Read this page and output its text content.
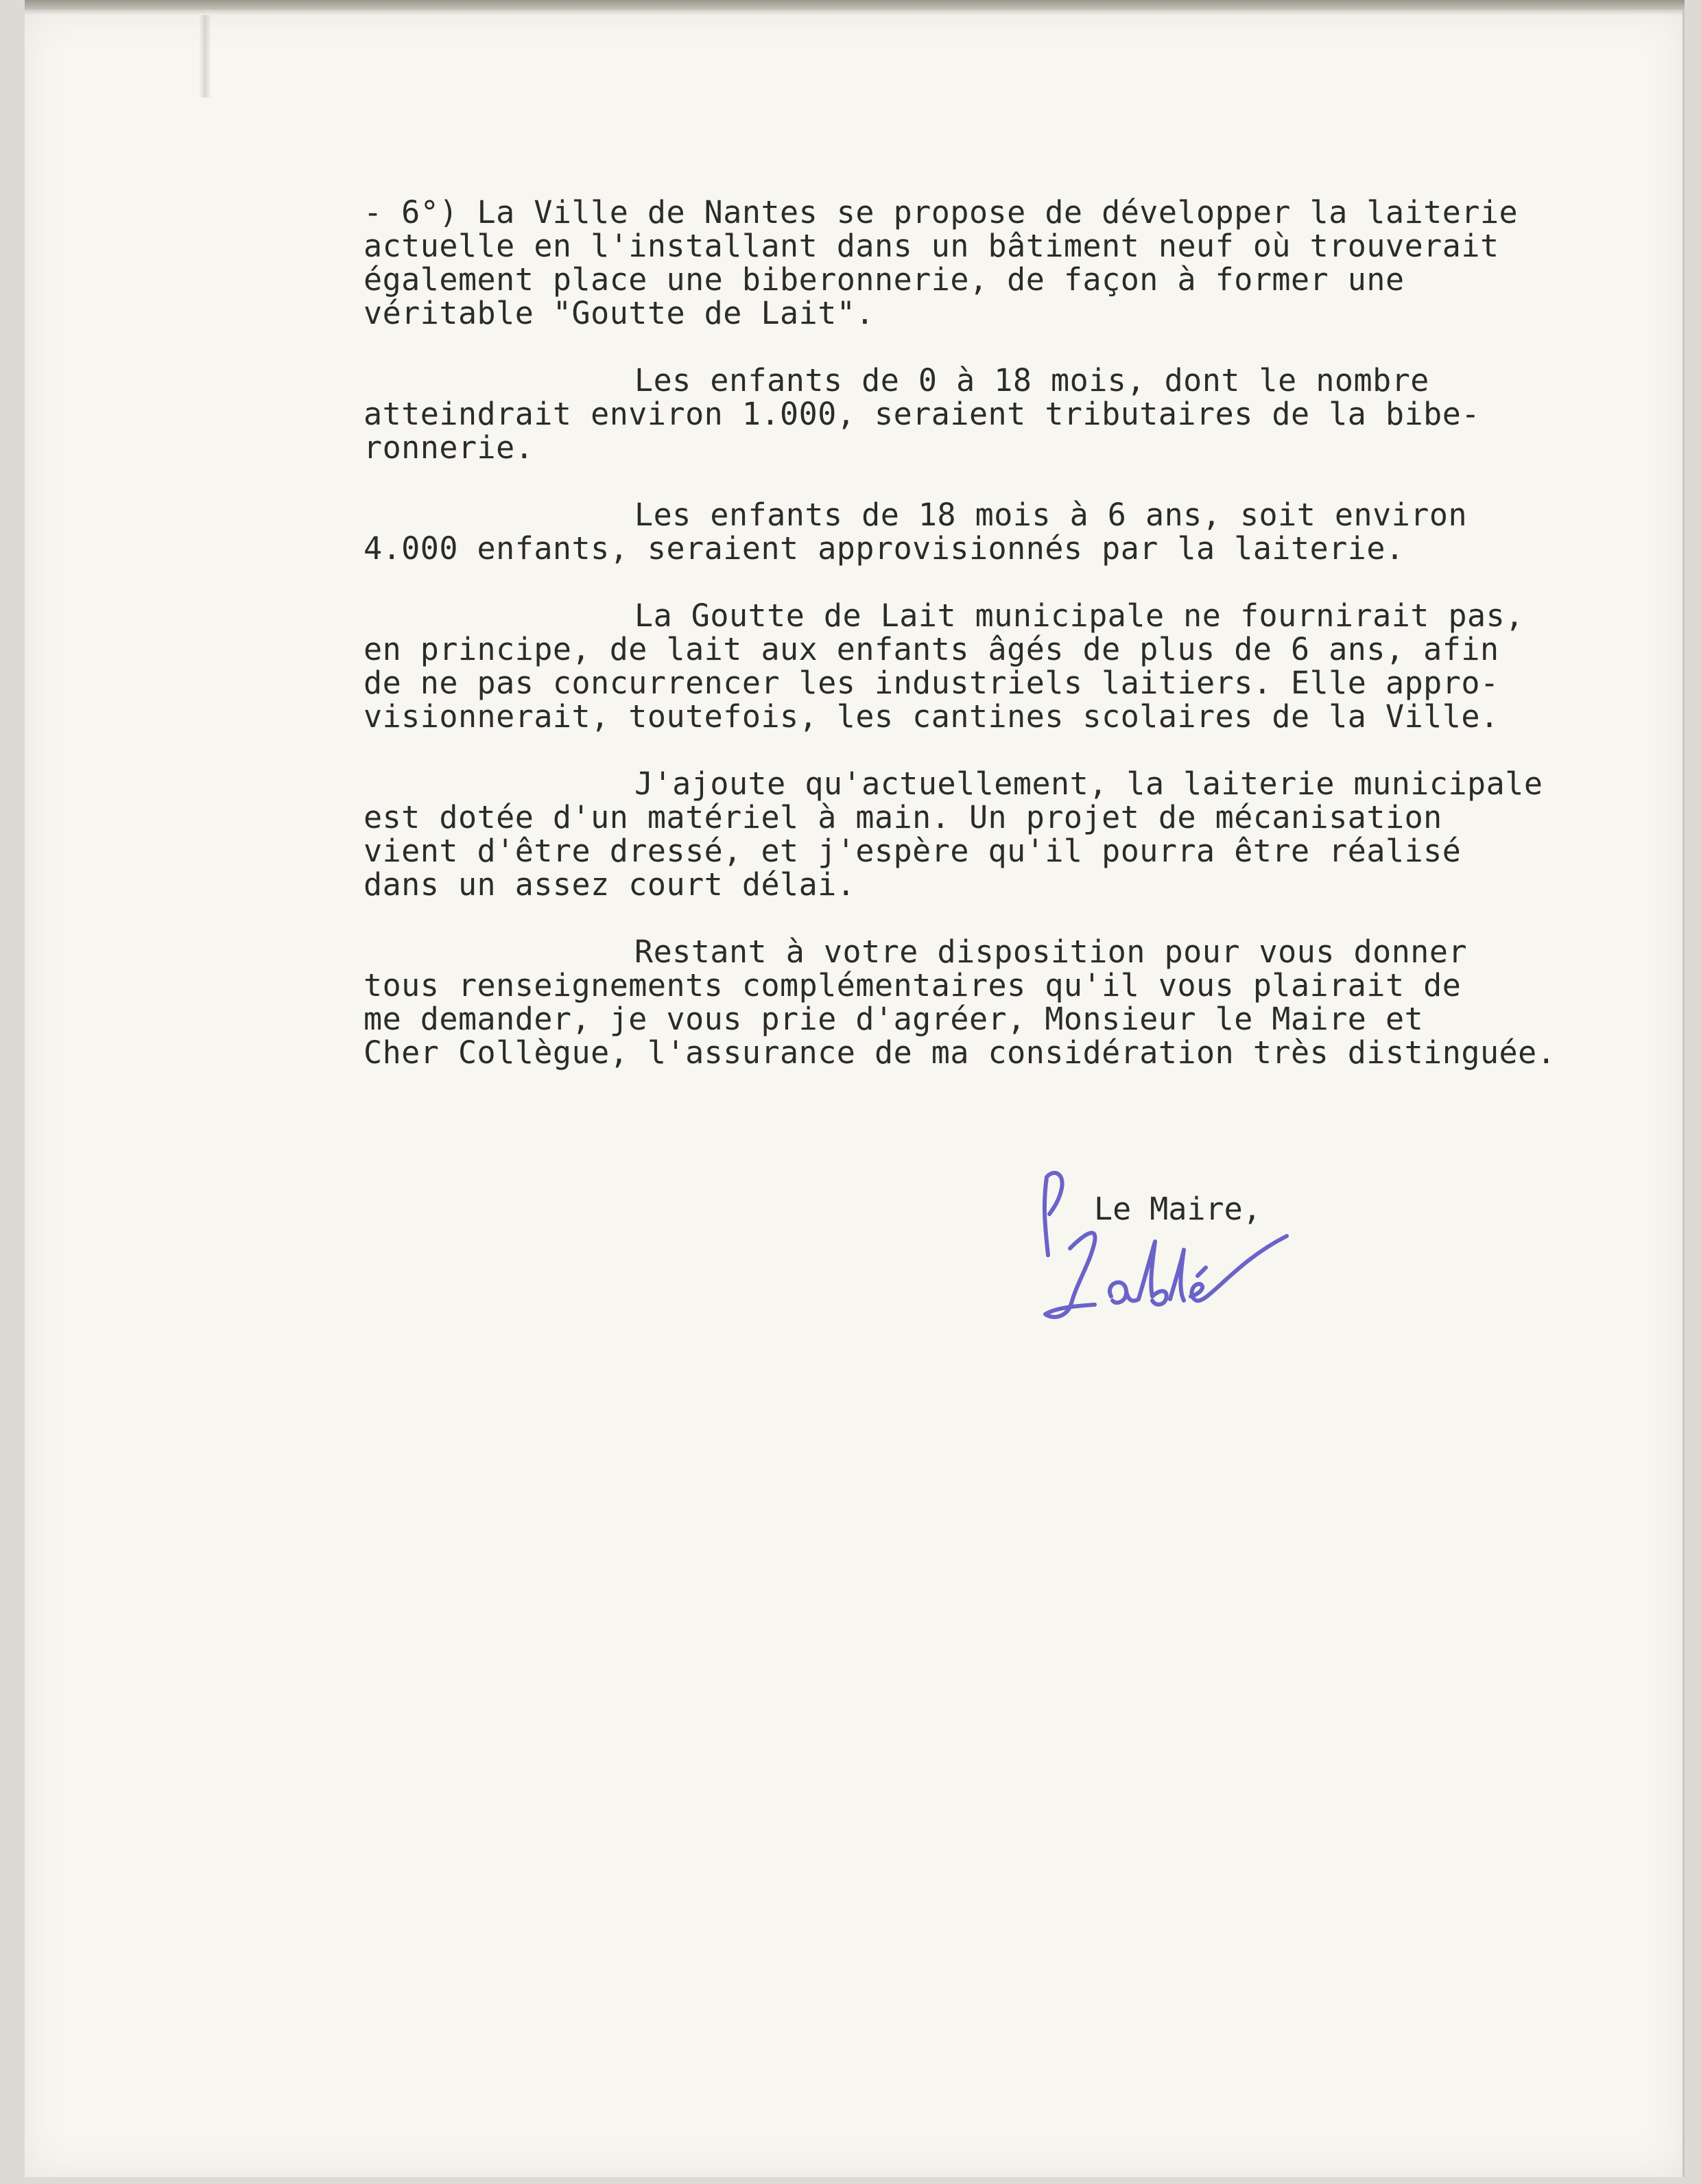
- 6°) La Ville de Nantes se propose de développer la laiterie
actuelle en l'installant dans un bâtiment neuf où trouverait
également place une biberonnerie, de façon à former une
véritable "Goutte de Lait".
Les enfants de 0 à 18 mois, dont le nombre
atteindrait environ 1.000, seraient tributaires de la bibe-
ronnerie.
Les enfants de 18 mois à 6 ans, soit environ
4.000 enfants, seraient approvisionnés par la laiterie.
La Goutte de Lait municipale ne fournirait pas,
en principe, de lait aux enfants âgés de plus de 6 ans, afin
de ne pas concurrencer les industriels laitiers. Elle appro-
visionnerait, toutefois, les cantines scolaires de la Ville.
J'ajoute qu'actuellement, la laiterie municipale
est dotée d'un matériel à main. Un projet de mécanisation
vient d'être dressé, et j'espère qu'il pourra être réalisé
dans un assez court délai.
Restant à votre disposition pour vous donner
tous renseignements complémentaires qu'il vous plairait de
me demander, je vous prie d'agréer, Monsieur le Maire et
Cher Collègue, l'assurance de ma considération très distinguée.
Le Maire,
